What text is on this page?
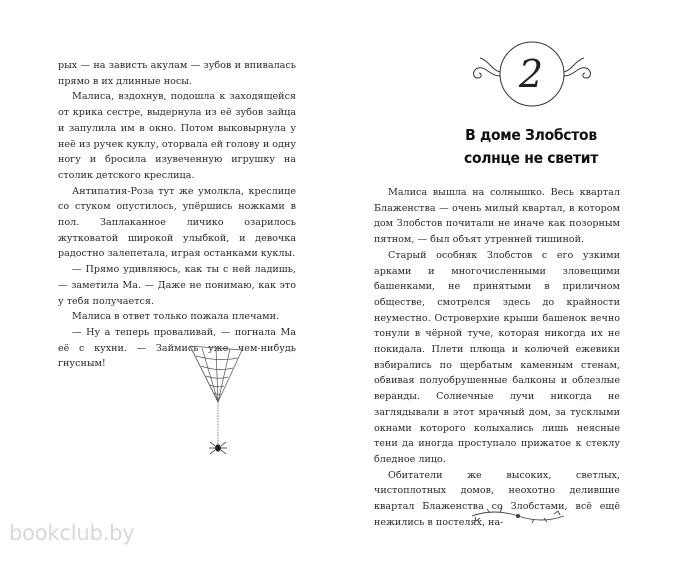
рых — на зависть акулам — зубов и впивалась прямо в их длинные носы.

Малиса, вздохнув, подошла к заходящейся от крика сестре, выдернула из её зубов зайца и запулила им в окно. Потом выковырнула у неё из ручек куклу, оторвала ей голову и одну ногу и бросила изувеченную игрушку на столик детского креслица.

Антипатия-Роза тут же умолкла, креслице со стуком опустилось, упёршись ножками в пол. Заплаканное личико озарилось жутковатой широкой улыбкой, и девочка радостно залепетала, играя останками куклы.

— Прямо удивляюсь, как ты с ней ладишь, — заметила Ма. — Даже не понимаю, как это у тебя получается.

Малиса в ответ только пожала плечами.

— Ну а теперь проваливай, — погнала Ма её с кухни. — Займись уже чем-нибудь гнусным!

2
В доме Злобстов
солнце не светит

Малиса вышла на солнышко. Весь квартал Блаженства — очень милый квартал, в котором дом Злобстов почитали не иначе как позорным пятном, — был объят утренней тишиной.

Старый особняк Злобстов с его узкими арками и многочисленными зловещими башенками, не принятыми в приличном обществе, смотрелся здесь до крайности неуместно. Островерхие крыши башенок вечно тонули в чёрной туче, которая никогда их не покидала. Плети плюща и колючей ежевики взбирались по щербатым каменным стенам, обвивая полуобрушенные балконы и облезлые веранды. Солнечные лучи никогда не заглядывали в этот мрачный дом, за тусклыми окнами которого колыхались лишь неясные тени да иногда проступало прижатое к стеклу бледное лицо.

Обитатели же высоких, светлых, чистоплотных домов, неохотно делившие квартал Блаженства со Злобстами, всё ещё нежились в постелях, на-

bookclub.by
